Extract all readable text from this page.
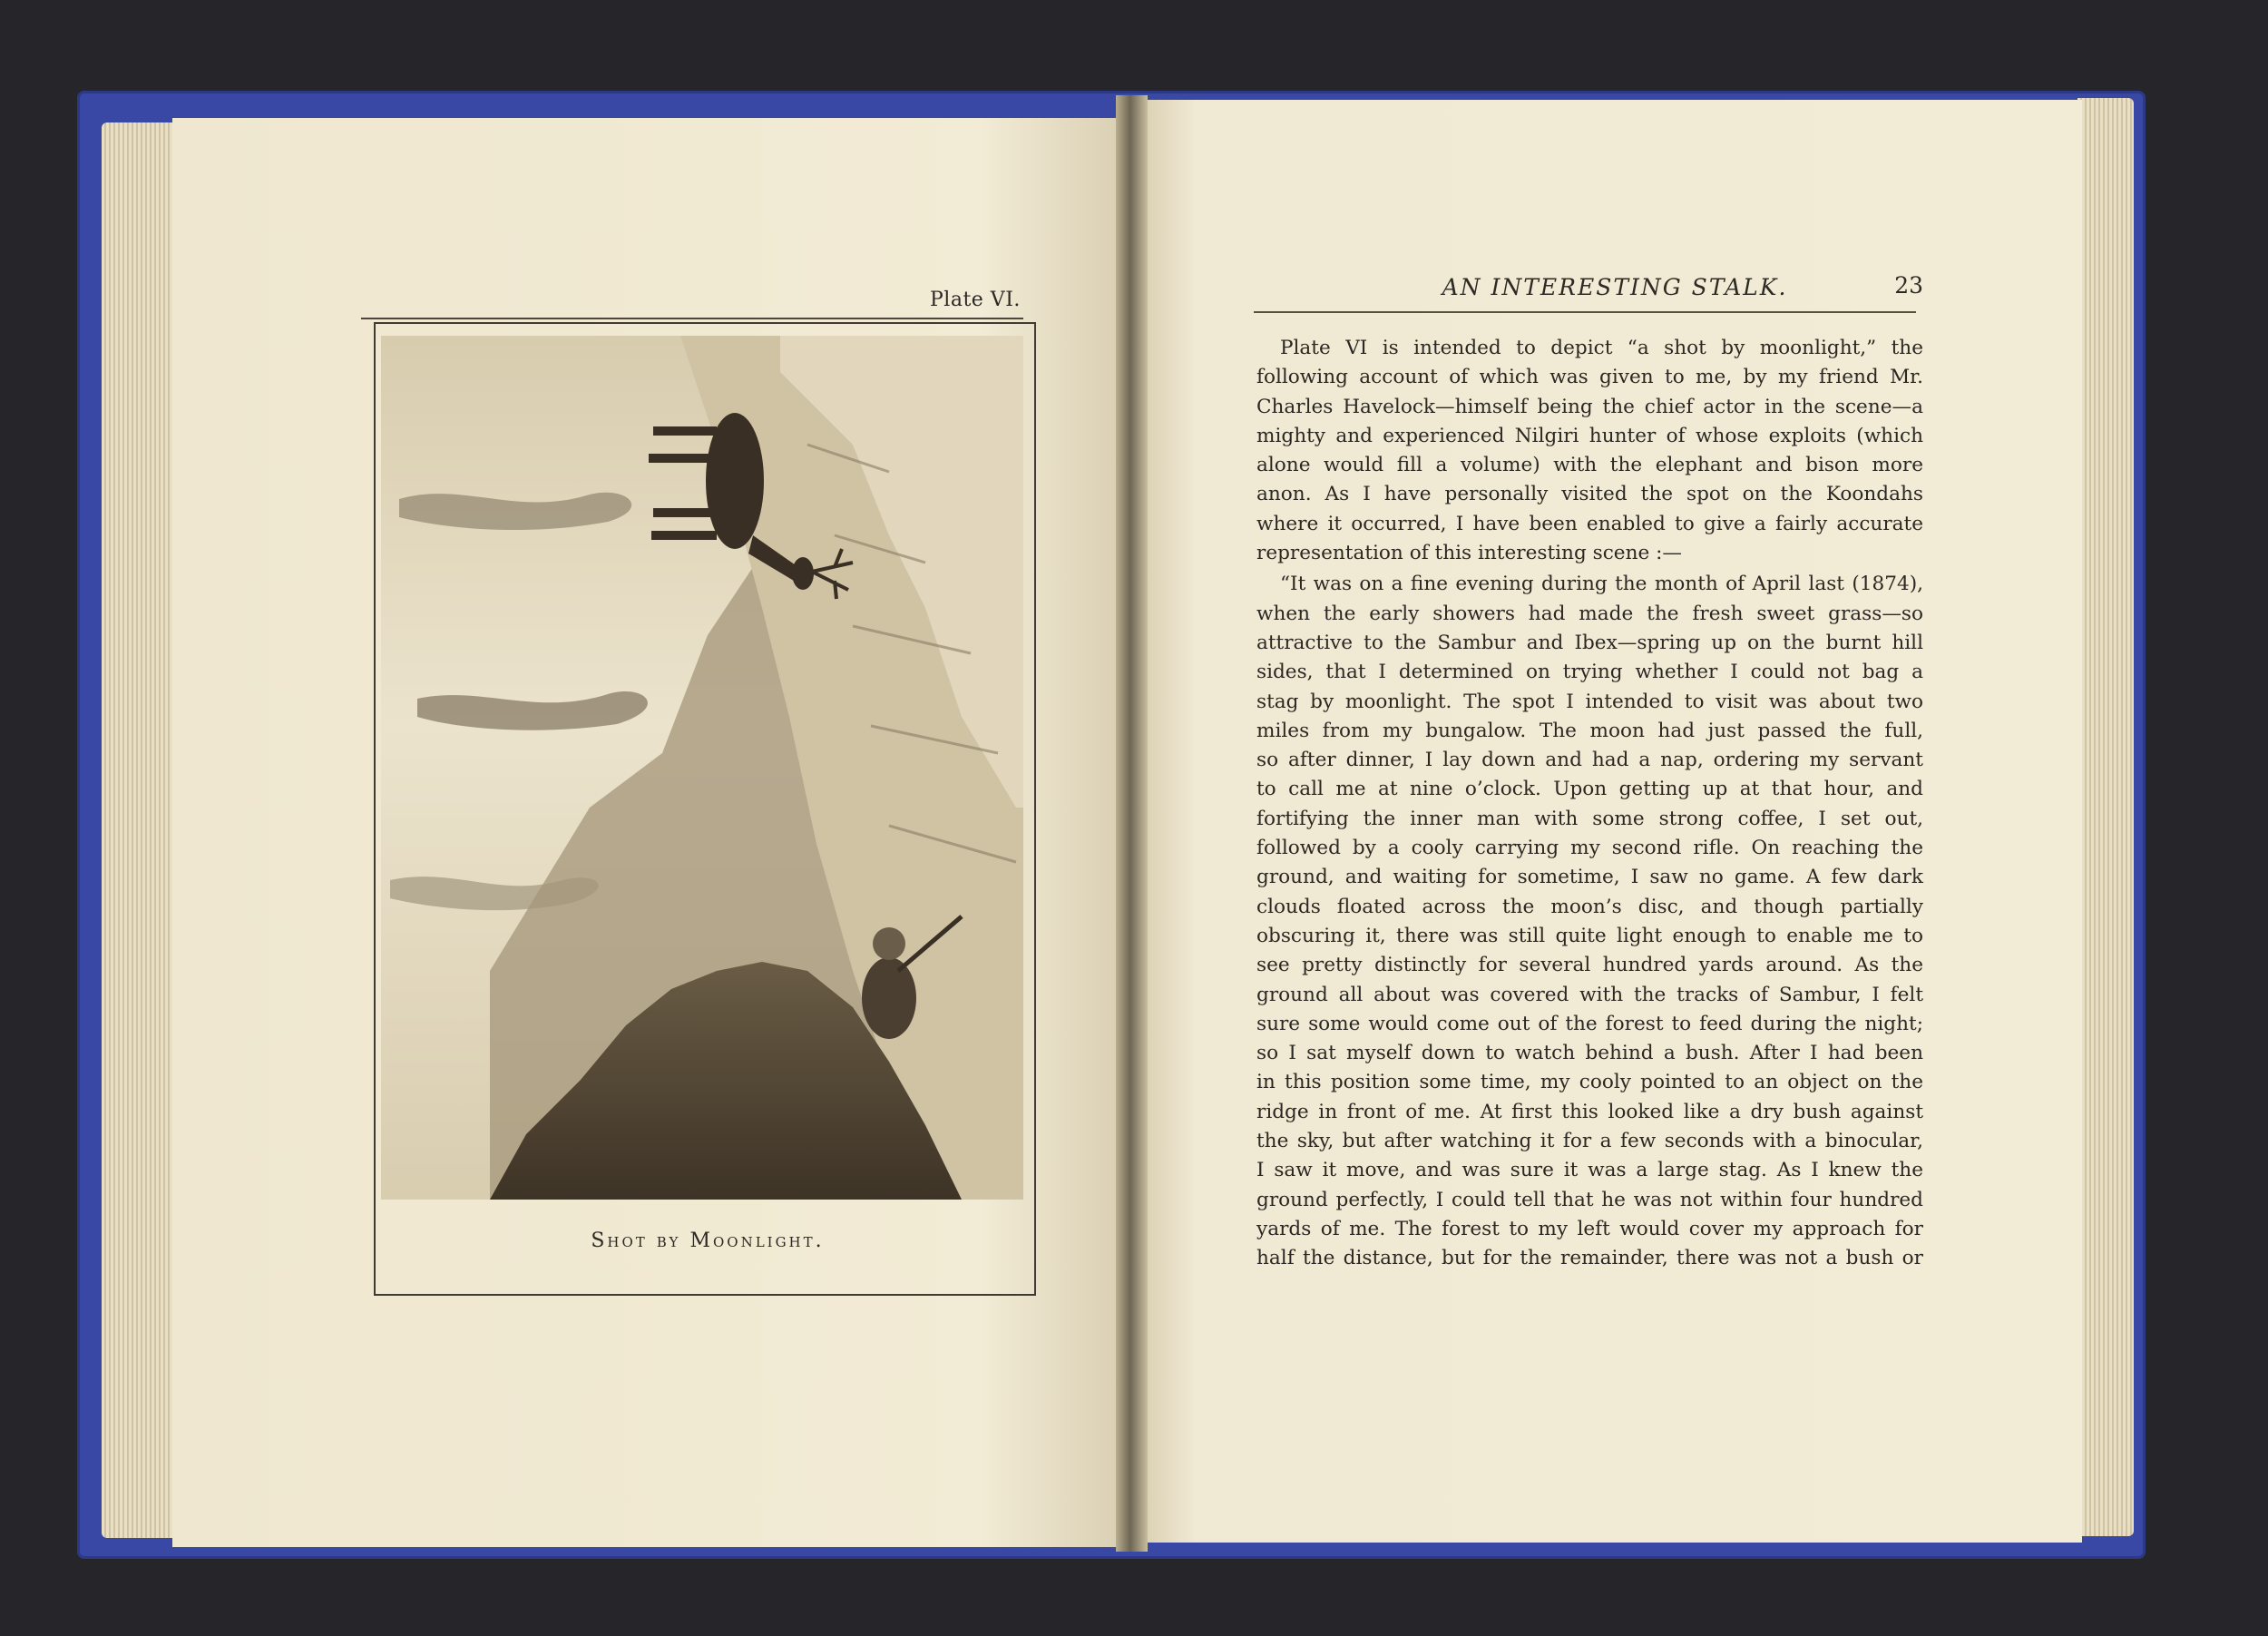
Plate VI.
Shot by Moonlight.
AN INTERESTING STALK.	23

Plate VI is intended to depict “a shot by moonlight,” the
following account of which was given to me, by my friend Mr.
Charles Havelock—himself being the chief actor in the scene—a
mighty and experienced Nilgiri hunter of whose exploits (which
alone would fill a volume) with the elephant and bison more
anon. As I have personally visited the spot on the Koondahs
where it occurred, I have been enabled to give a fairly accurate
representation of this interesting scene :—

“It was on a fine evening during the month of April last (1874),
when the early showers had made the fresh sweet grass—so
attractive to the Sambur and Ibex—spring up on the burnt hill
sides, that I determined on trying whether I could not bag a
stag by moonlight. The spot I intended to visit was about two
miles from my bungalow. The moon had just passed the full,
so after dinner, I lay down and had a nap, ordering my servant
to call me at nine o’clock. Upon getting up at that hour, and
fortifying the inner man with some strong coffee, I set out,
followed by a cooly carrying my second rifle. On reaching the
ground, and waiting for sometime, I saw no game. A few dark
clouds floated across the moon’s disc, and though partially
obscuring it, there was still quite light enough to enable me to
see pretty distinctly for several hundred yards around. As the
ground all about was covered with the tracks of Sambur, I felt
sure some would come out of the forest to feed during the night;
so I sat myself down to watch behind a bush. After I had been
in this position some time, my cooly pointed to an object on the
ridge in front of me. At first this looked like a dry bush against
the sky, but after watching it for a few seconds with a binocular,
I saw it move, and was sure it was a large stag. As I knew the
ground perfectly, I could tell that he was not within four hundred
yards of me. The forest to my left would cover my approach for
half the distance, but for the remainder, there was not a bush or
